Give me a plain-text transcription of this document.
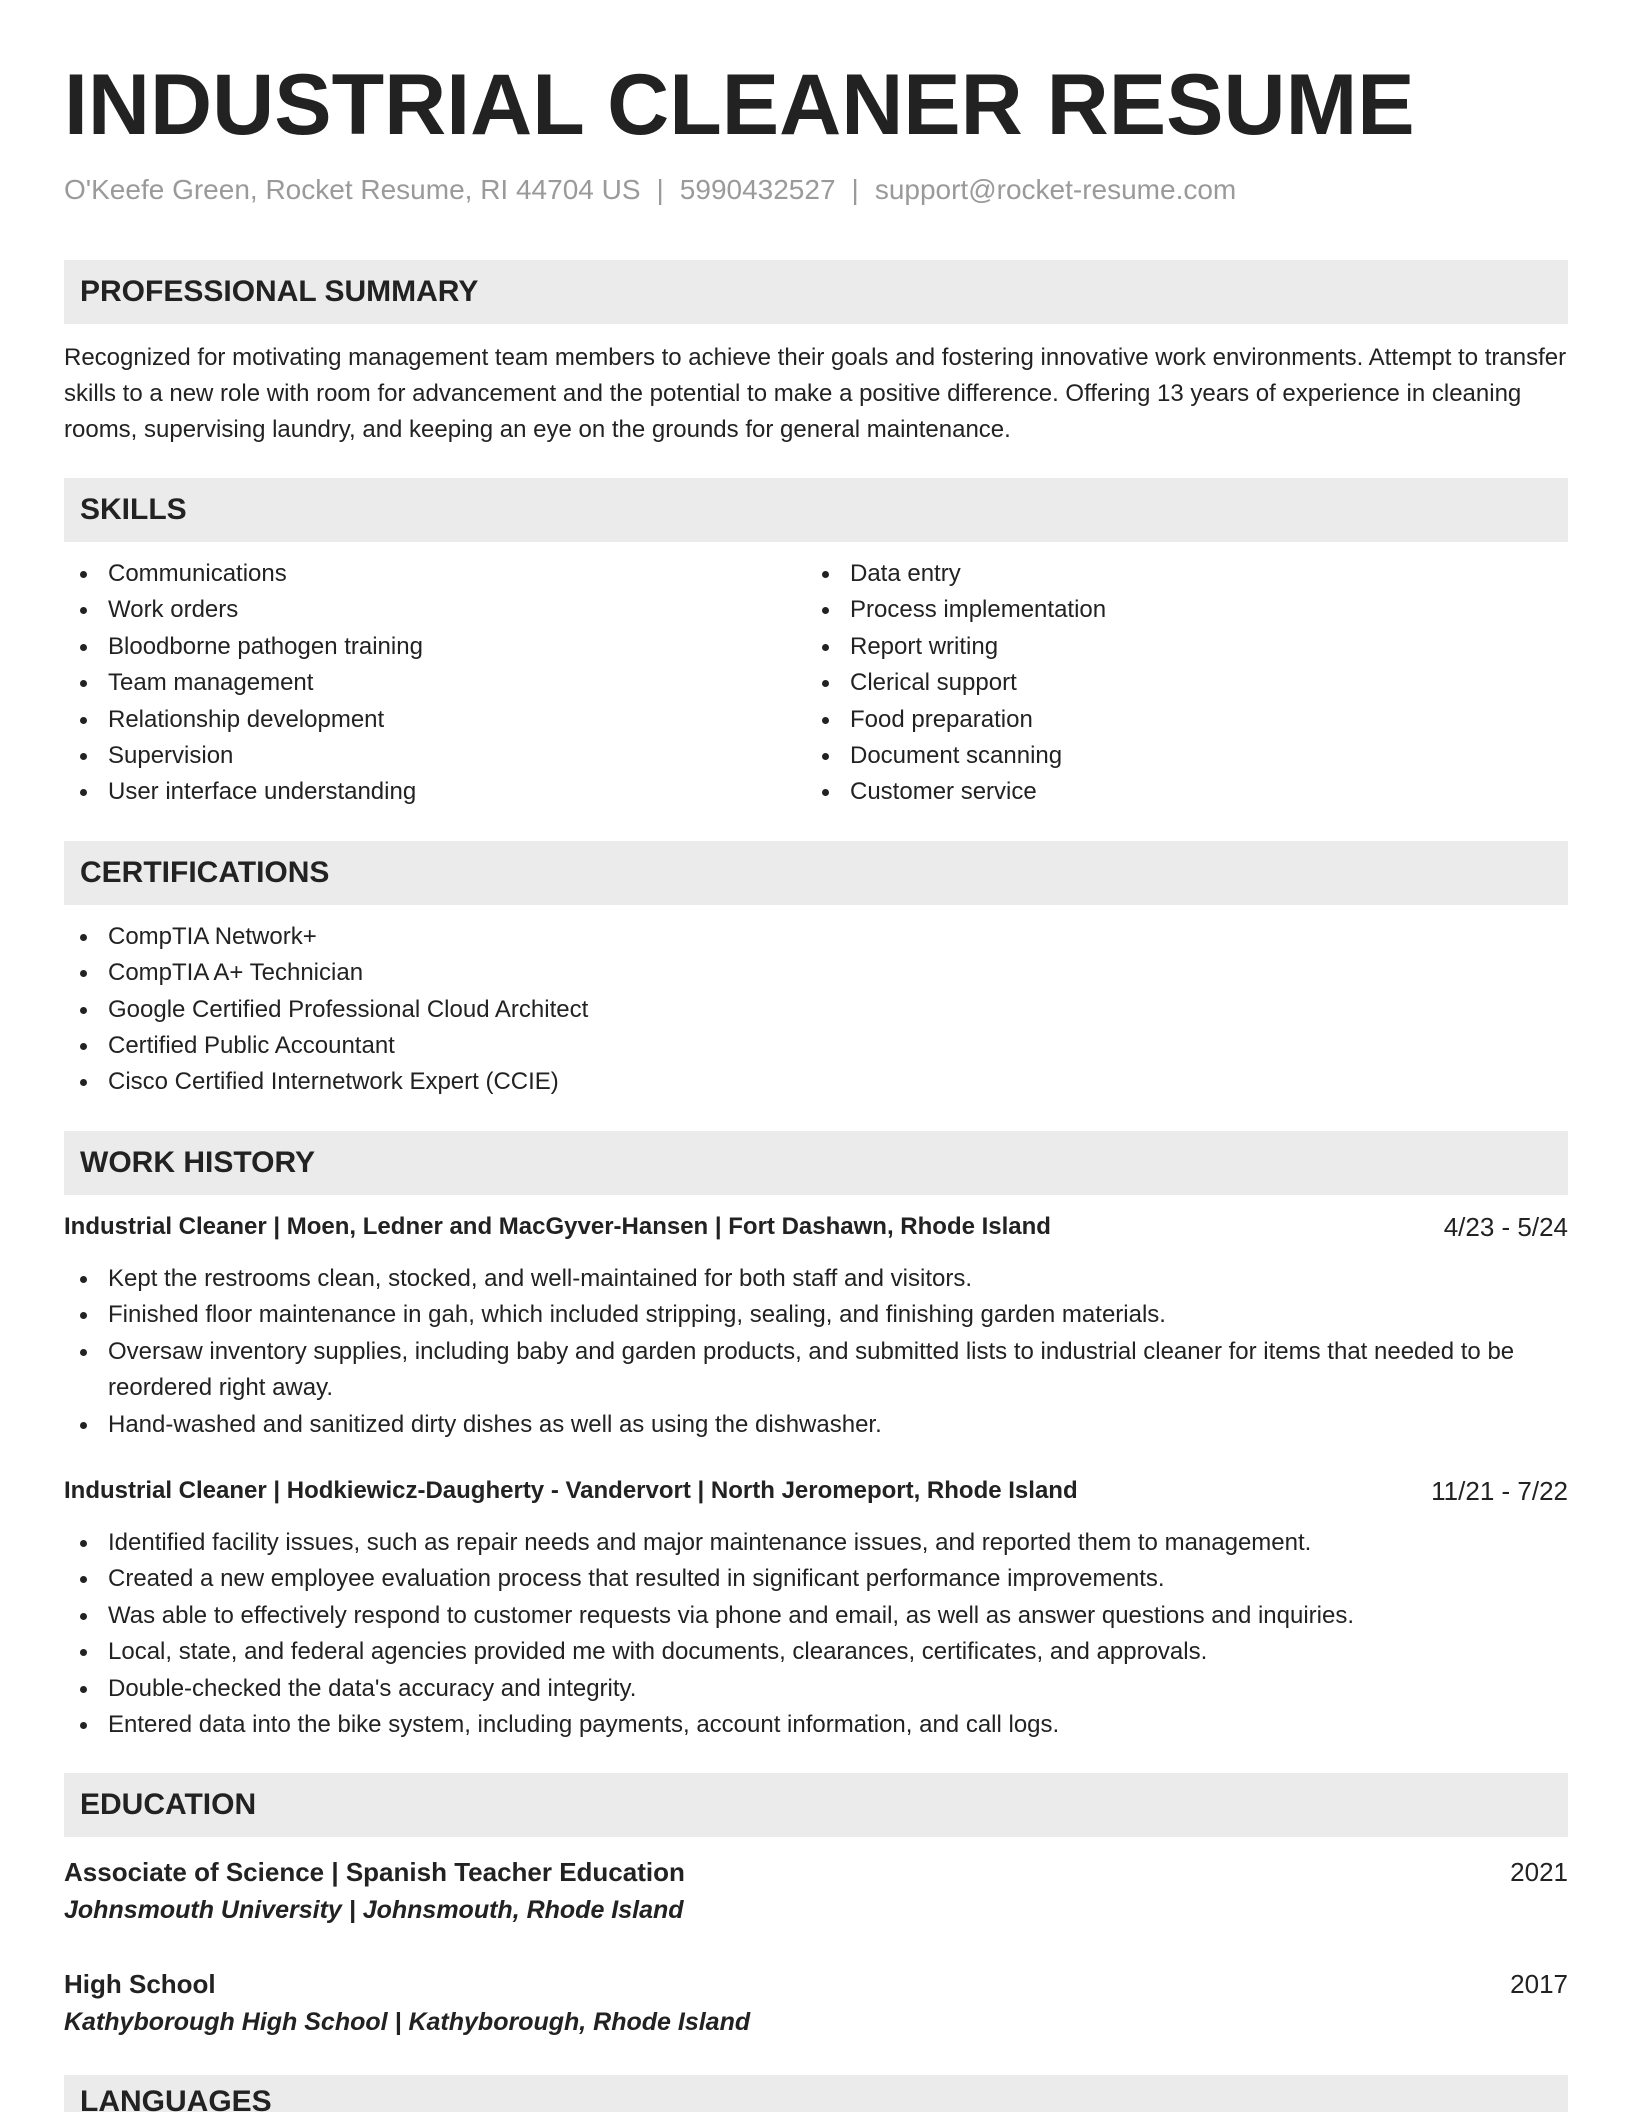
INDUSTRIAL CLEANER RESUME
O'Keefe Green, Rocket Resume, RI 44704 US | 5990432527 | support@rocket-resume.com
PROFESSIONAL SUMMARY

Recognized for motivating management team members to achieve their goals and fostering innovative work environments. Attempt to transfer skills to a new role with room for advancement and the potential to make a positive difference. Offering 13 years of experience in cleaning rooms, supervising laundry, and keeping an eye on the grounds for general maintenance.

SKILLS
Communications
Work orders
Bloodborne pathogen training
Team management
Relationship development
Supervision
User interface understanding
Data entry
Process implementation
Report writing
Clerical support
Food preparation
Document scanning
Customer service
CERTIFICATIONS
CompTIA Network+
CompTIA A+ Technician
Google Certified Professional Cloud Architect
Certified Public Accountant
Cisco Certified Internetwork Expert (CCIE)
WORK HISTORY
Industrial Cleaner | Moen, Ledner and MacGyver-Hansen | Fort Dashawn, Rhode Island	4/23 - 5/24
Kept the restrooms clean, stocked, and well-maintained for both staff and visitors.
Finished floor maintenance in gah, which included stripping, sealing, and finishing garden materials.
Oversaw inventory supplies, including baby and garden products, and submitted lists to industrial cleaner for items that needed to be reordered right away.
Hand-washed and sanitized dirty dishes as well as using the dishwasher.
Industrial Cleaner | Hodkiewicz-Daugherty - Vandervort | North Jeromeport, Rhode Island	11/21 - 7/22
Identified facility issues, such as repair needs and major maintenance issues, and reported them to management.
Created a new employee evaluation process that resulted in significant performance improvements.
Was able to effectively respond to customer requests via phone and email, as well as answer questions and inquiries.
Local, state, and federal agencies provided me with documents, clearances, certificates, and approvals.
Double-checked the data's accuracy and integrity.
Entered data into the bike system, including payments, account information, and call logs.
EDUCATION
Associate of Science | Spanish Teacher Education	2021
Johnsmouth University | Johnsmouth, Rhode Island
High School	2017
Kathyborough High School | Kathyborough, Rhode Island
LANGUAGES
